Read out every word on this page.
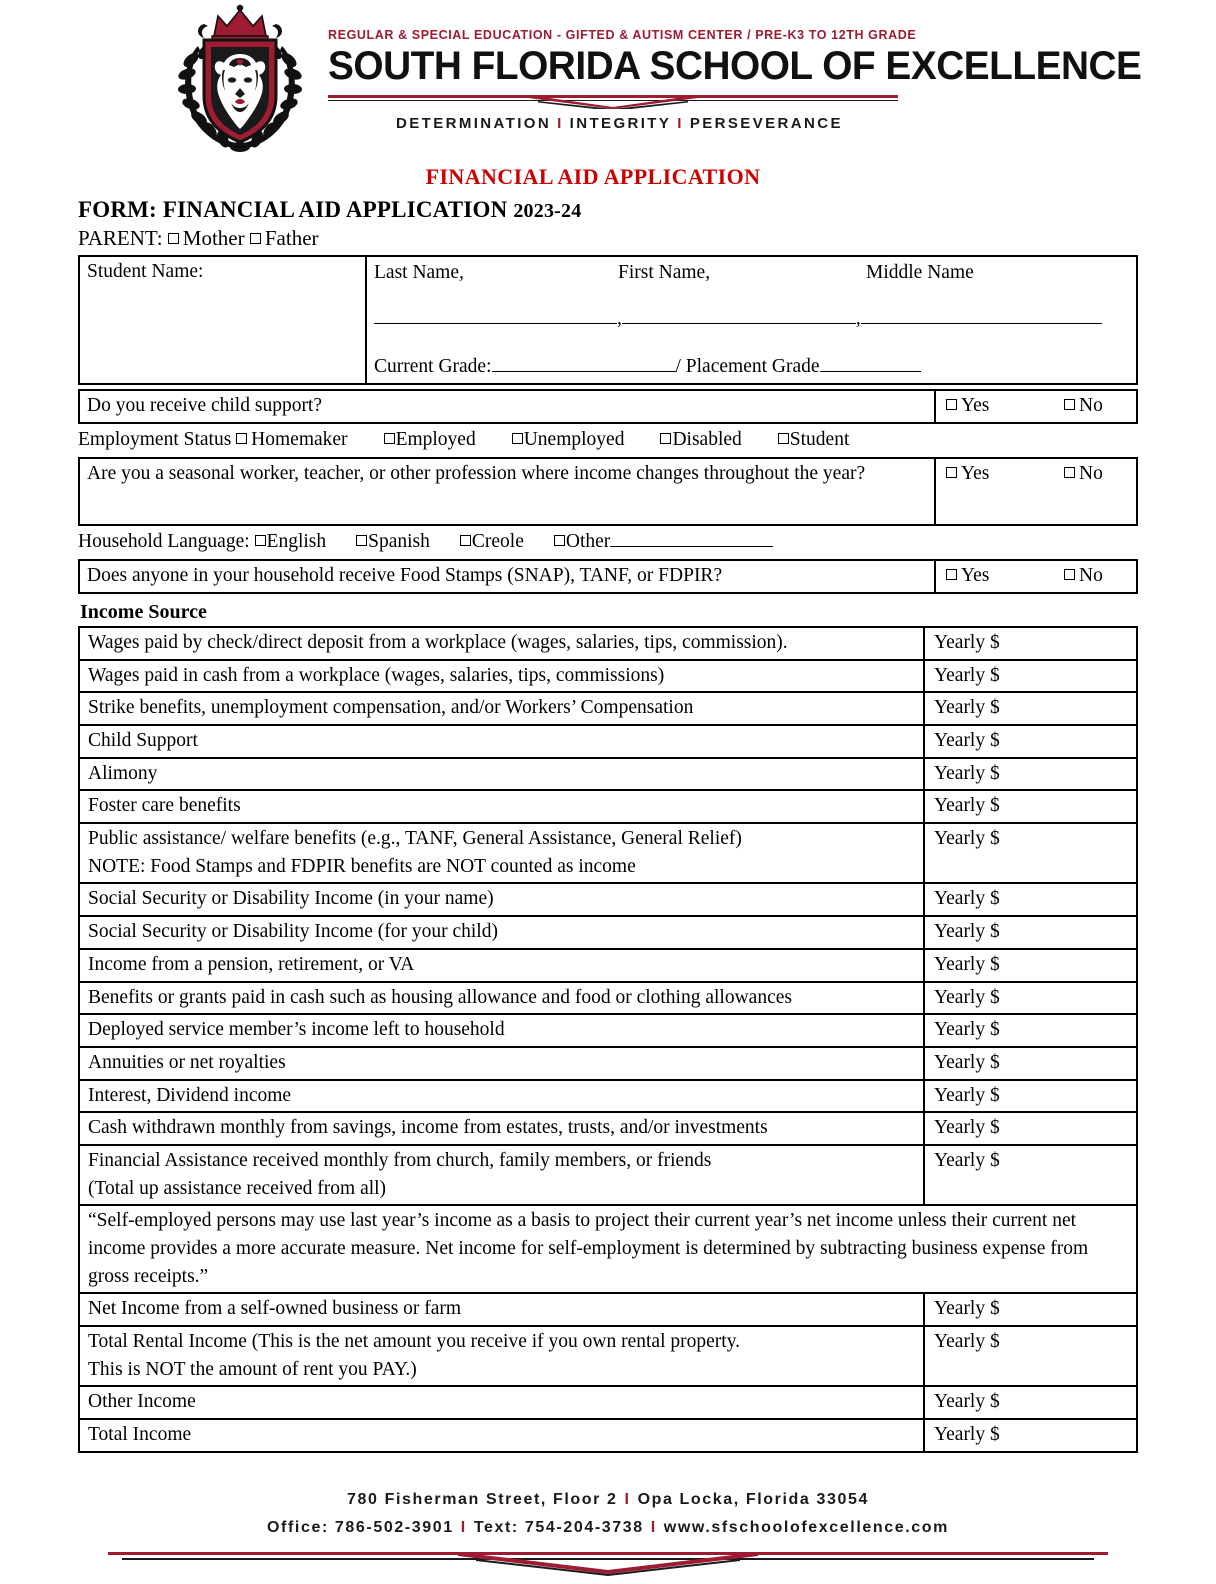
REGULAR & SPECIAL EDUCATION - GIFTED & AUTISM CENTER / PRE-K3 TO 12TH GRADE
SOUTH FLORIDA SCHOOL OF EXCELLENCE
DETERMINATION I INTEGRITY I PERSEVERANCE
FINANCIAL AID APPLICATION
FORM: FINANCIAL AID APPLICATION 2023-24
PARENT: Mother Father
Student Name:	Last Name,	First Name,	Middle Name
,	,
Current Grade:	/ Placement Grade
Do you receive child support?	Yes	No
Employment Status Homemaker Employed Unemployed Disabled Student
Are you a seasonal worker, teacher, or other profession where income changes throughout the year?	Yes	No
Household Language: English Spanish Creole Other
Does anyone in your household receive Food Stamps (SNAP), TANF, or FDPIR?	Yes	No
Income Source
Wages paid by check/direct deposit from a workplace (wages, salaries, tips, commission).	Yearly $

Wages paid in cash from a workplace (wages, salaries, tips, commissions)	Yearly $

Strike benefits, unemployment compensation, and/or Workers’ Compensation	Yearly $

Child Support	Yearly $

Alimony	Yearly $

Foster care benefits	Yearly $

Public assistance/ welfare benefits (e.g., TANF, General Assistance, General Relief)
NOTE: Food Stamps and FDPIR benefits are NOT counted as income	Yearly $

Social Security or Disability Income (in your name)	Yearly $

Social Security or Disability Income (for your child)	Yearly $

Income from a pension, retirement, or VA	Yearly $

Benefits or grants paid in cash such as housing allowance and food or clothing allowances	Yearly $

Deployed service member’s income left to household	Yearly $

Annuities or net royalties	Yearly $

Interest, Dividend income	Yearly $

Cash withdrawn monthly from savings, income from estates, trusts, and/or investments	Yearly $

Financial Assistance received monthly from church, family members, or friends
(Total up assistance received from all)	Yearly $
“Self-employed persons may use last year’s income as a basis to project their current year’s net income unless their current net income provides a more accurate measure. Net income for self-employment is determined by subtracting business expense from gross receipts.”	

Net Income from a self-owned business or farm	Yearly $

Total Rental Income (This is the net amount you receive if you own rental property.
This is NOT the amount of rent you PAY.)	Yearly $

Other Income	Yearly $

Total Income	Yearly $
780 Fisherman Street, Floor 2 I Opa Locka, Florida 33054
Office: 786-502-3901 I Text: 754-204-3738 I www.sfschoolofexcellence.com
